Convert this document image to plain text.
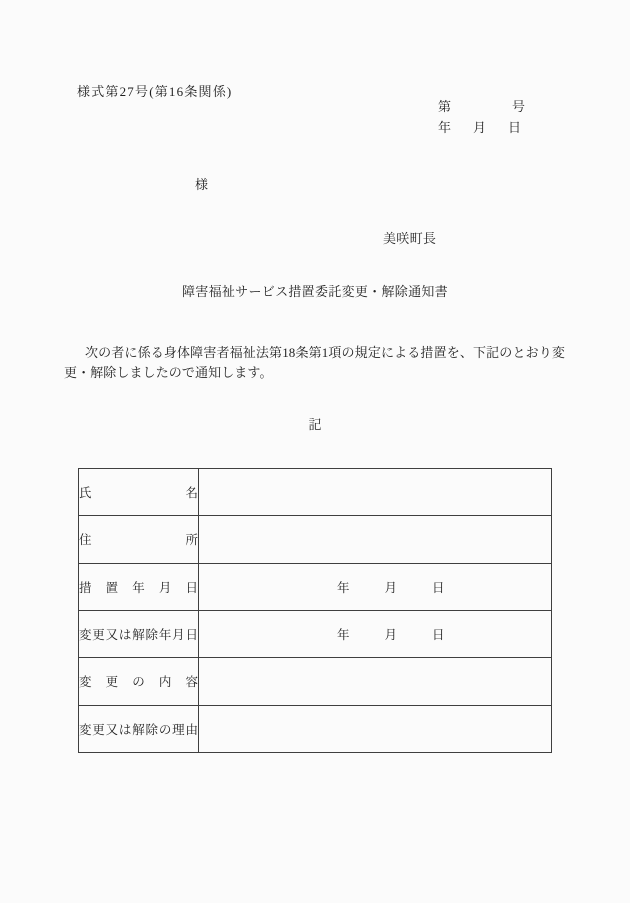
様式第27号(第16条関係)
第	号
年 月 日
様
美咲町長
障害福祉サービス措置委託変更・解除通知書
次の者に係る身体障害者福祉法第18条第1項の規定による措置を、下記のとおり変更・解除しましたので通知します。
記
氏名	

住所	

措置年月日	年 月 日

変更又は解除年月日	年 月 日

変更の内容	

変更又は解除の理由	
